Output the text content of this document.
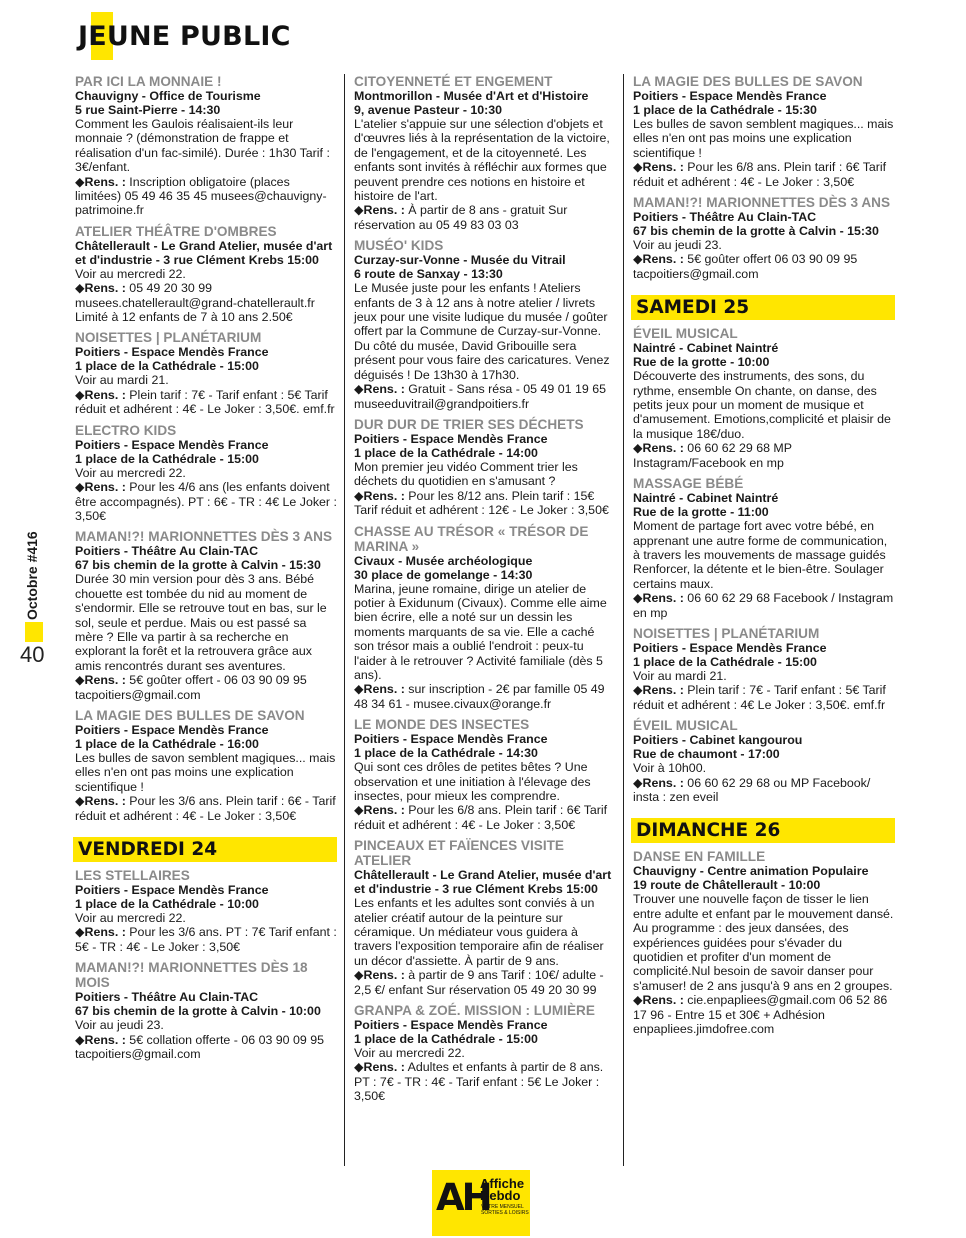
JEUNE PUBLIC
Octobre #416
40
PAR ICI LA MONNAIE !
Chauvigny - Office de Tourisme
5 rue Saint-Pierre - 14:30
Comment les Gaulois réalisaient-ils leur monnaie ? (démonstration de frappe et réalisation d'un fac-similé). Durée : 1h30 Tarif : 3€/enfant.
◆Rens. : Inscription obligatoire (places limitées) 05 49 46 35 45 musees@chauvigny-patrimoine.fr
ATELIER THÉÂTRE D'OMBRES
Châtellerault - Le Grand Atelier, musée d'art et d'industrie - 3 rue Clément Krebs 15:00
Voir au mercredi 22.
◆Rens. : 05 49 20 30 99 musees.chatellerault@grand-chatellerault.fr Limité à 12 enfants de 7 à 10 ans 2.50€
NOISETTES | PLANÉTARIUM
Poitiers - Espace Mendès France
1 place de la Cathédrale - 15:00
Voir au mardi 21.
◆Rens. : Plein tarif : 7€ - Tarif enfant : 5€ Tarif réduit et adhérent : 4€ - Le Joker : 3,50€. emf.fr
ELECTRO KIDS
Poitiers - Espace Mendès France
1 place de la Cathédrale - 15:00
Voir au mercredi 22.
◆Rens. : Pour les 4/6 ans (les enfants doivent être accompagnés). PT : 6€ - TR : 4€ Le Joker : 3,50€
MAMAN!?! MARIONNETTES DÈS 3 ANS
Poitiers - Théâtre Au Clain-TAC
67 bis chemin de la grotte à Calvin - 15:30
Durée 30 min version pour dès 3 ans. Bébé chouette est tombée du nid au moment de s'endormir. Elle se retrouve tout en bas, sur le sol, seule et perdue. Mais ou est passé sa mère ? Elle va partir à sa recherche en explorant la forêt et la retrouvera grâce aux amis rencontrés durant ses aventures.
◆Rens. : 5€ goûter offert - 06 03 90 09 95 tacpoitiers@gmail.com
LA MAGIE DES BULLES DE SAVON
Poitiers - Espace Mendès France
1 place de la Cathédrale - 16:00
Les bulles de savon semblent magiques... mais elles n'en ont pas moins une explication scientifique !
◆Rens. : Pour les 3/6 ans. Plein tarif : 6€ - Tarif réduit et adhérent : 4€ - Le Joker : 3,50€
VENDREDI 24
LES STELLAIRES
Poitiers - Espace Mendès France
1 place de la Cathédrale - 10:00
Voir au mercredi 22.
◆Rens. : Pour les 3/6 ans. PT : 7€ Tarif enfant : 5€ - TR : 4€ - Le Joker : 3,50€
MAMAN!?! MARIONNETTES DÈS 18 MOIS
Poitiers - Théâtre Au Clain-TAC
67 bis chemin de la grotte à Calvin - 10:00
Voir au jeudi 23.
◆Rens. : 5€ collation offerte - 06 03 90 09 95 tacpoitiers@gmail.com
CITOYENNETÉ ET ENGEMENT
Montmorillon - Musée d'Art et d'Histoire
9, avenue Pasteur - 10:30
L'atelier s'appuie sur une sélection d'objets et d'œuvres liés à la représentation de la victoire, de l'engagement, et de la citoyenneté. Les enfants sont invités à réfléchir aux formes que peuvent prendre ces notions en histoire et histoire de l'art.
◆Rens. : À partir de 8 ans - gratuit Sur réservation au 05 49 83 03 03
MUSÉO' KIDS
Curzay-sur-Vonne - Musée du Vitrail
6 route de Sanxay - 13:30
Le Musée juste pour les enfants ! Ateliers enfants de 3 à 12 ans à notre atelier / livrets jeux pour une visite ludique du musée / goûter offert par la Commune de Curzay-sur-Vonne. Du côté du musée, David Gribouille sera présent pour vous faire des caricatures. Venez déguisés ! De 13h30 à 17h30.
◆Rens. : Gratuit - Sans résa - 05 49 01 19 65 museeduvitrail@grandpoitiers.fr
DUR DUR DE TRIER SES DÉCHETS
Poitiers - Espace Mendès France
1 place de la Cathédrale - 14:00
Mon premier jeu vidéo Comment trier les déchets du quotidien en s'amusant ?
◆Rens. : Pour les 8/12 ans. Plein tarif : 15€ Tarif réduit et adhérent : 12€ - Le Joker : 3,50€
CHASSE AU TRÉSOR « TRÉSOR DE MARINA »
Civaux - Musée archéologique
30 place de gomelange - 14:30
Marina, jeune romaine, dirige un atelier de potier à Exidunum (Civaux). Comme elle aime bien écrire, elle a noté sur un dessin les moments marquants de sa vie. Elle a caché son trésor mais a oublié l'endroit : peux-tu l'aider à le retrouver ? Activité familiale (dès 5 ans).
◆Rens. : sur inscription - 2€ par famille 05 49 48 34 61 - musee.civaux@orange.fr
LE MONDE DES INSECTES
Poitiers - Espace Mendès France
1 place de la Cathédrale - 14:30
Qui sont ces drôles de petites bêtes ? Une observation et une initiation à l'élevage des insectes, pour mieux les comprendre.
◆Rens. : Pour les 6/8 ans. Plein tarif : 6€ Tarif réduit et adhérent : 4€ - Le Joker : 3,50€
PINCEAUX ET FAÏENCES VISITE ATELIER
Châtellerault - Le Grand Atelier, musée d'art et d'industrie - 3 rue Clément Krebs 15:00
Les enfants et les adultes sont conviés à un atelier créatif autour de la peinture sur céramique. Un médiateur vous guidera à travers l'exposition temporaire afin de réaliser un décor d'assiette. À partir de 9 ans.
◆Rens. : à partir de 9 ans Tarif : 10€/ adulte - 2,5 €/ enfant Sur réservation 05 49 20 30 99
GRANPA & ZOÉ. MISSION : LUMIÈRE
Poitiers - Espace Mendès France
1 place de la Cathédrale - 15:00
Voir au mercredi 22.
◆Rens. : Adultes et enfants à partir de 8 ans. PT : 7€ - TR : 4€ - Tarif enfant : 5€ Le Joker : 3,50€
LA MAGIE DES BULLES DE SAVON
Poitiers - Espace Mendès France
1 place de la Cathédrale - 15:30
Les bulles de savon semblent magiques... mais elles n'en ont pas moins une explication scientifique !
◆Rens. : Pour les 6/8 ans. Plein tarif : 6€ Tarif réduit et adhérent : 4€ - Le Joker : 3,50€
MAMAN!?! MARIONNETTES DÈS 3 ANS
Poitiers - Théâtre Au Clain-TAC
67 bis chemin de la grotte à Calvin - 15:30
Voir au jeudi 23.
◆Rens. : 5€ goûter offert 06 03 90 09 95 tacpoitiers@gmail.com
SAMEDI 25
ÉVEIL MUSICAL
Naintré - Cabinet Naintré
Rue de la grotte - 10:00
Découverte des instruments, des sons, du rythme, ensemble On chante, on danse, des petits jeux pour un moment de musique et d'amusement. Emotions,complicité et plaisir de la musique 18€/duo.
◆Rens. : 06 60 62 29 68 MP Instagram/Facebook en mp
MASSAGE BÉBÉ
Naintré - Cabinet Naintré
Rue de la grotte - 11:00
Moment de partage fort avec votre bébé, en apprenant une autre forme de communication, à travers les mouvements de massage guidés Renforcer, la détente et le bien-être. Soulager certains maux.
◆Rens. : 06 60 62 29 68 Facebook / Instagram en mp
NOISETTES | PLANÉTARIUM
Poitiers - Espace Mendès France
1 place de la Cathédrale - 15:00
Voir au mardi 21.
◆Rens. : Plein tarif : 7€ - Tarif enfant : 5€ Tarif réduit et adhérent : 4€ Le Joker : 3,50€. emf.fr
ÉVEIL MUSICAL
Poitiers - Cabinet kangourou
Rue de chaumont - 17:00
Voir à 10h00.
◆Rens. : 06 60 62 29 68 ou MP Facebook/ insta : zen eveil
DIMANCHE 26
DANSE EN FAMILLE
Chauvigny - Centre animation Populaire
19 route de Châtellerault - 10:00
Trouver une nouvelle façon de tisser le lien entre adulte et enfant par le mouvement dansé. Au programme : des jeux dansées, des expériences guidées pour s'évader du quotidien et profiter d'un moment de complicité.Nul besoin de savoir danser pour s'amuser! de 2 ans jusqu'à 9 ans en 2 groupes.
◆Rens. : cie.enpapliees@gmail.com 06 52 86 17 96 - Entre 15 et 30€ + Adhésion enpapliees.jimdofree.com
AH
Affiche Hebdo
VOTRE MENSUEL SORTIES & LOISIRS
